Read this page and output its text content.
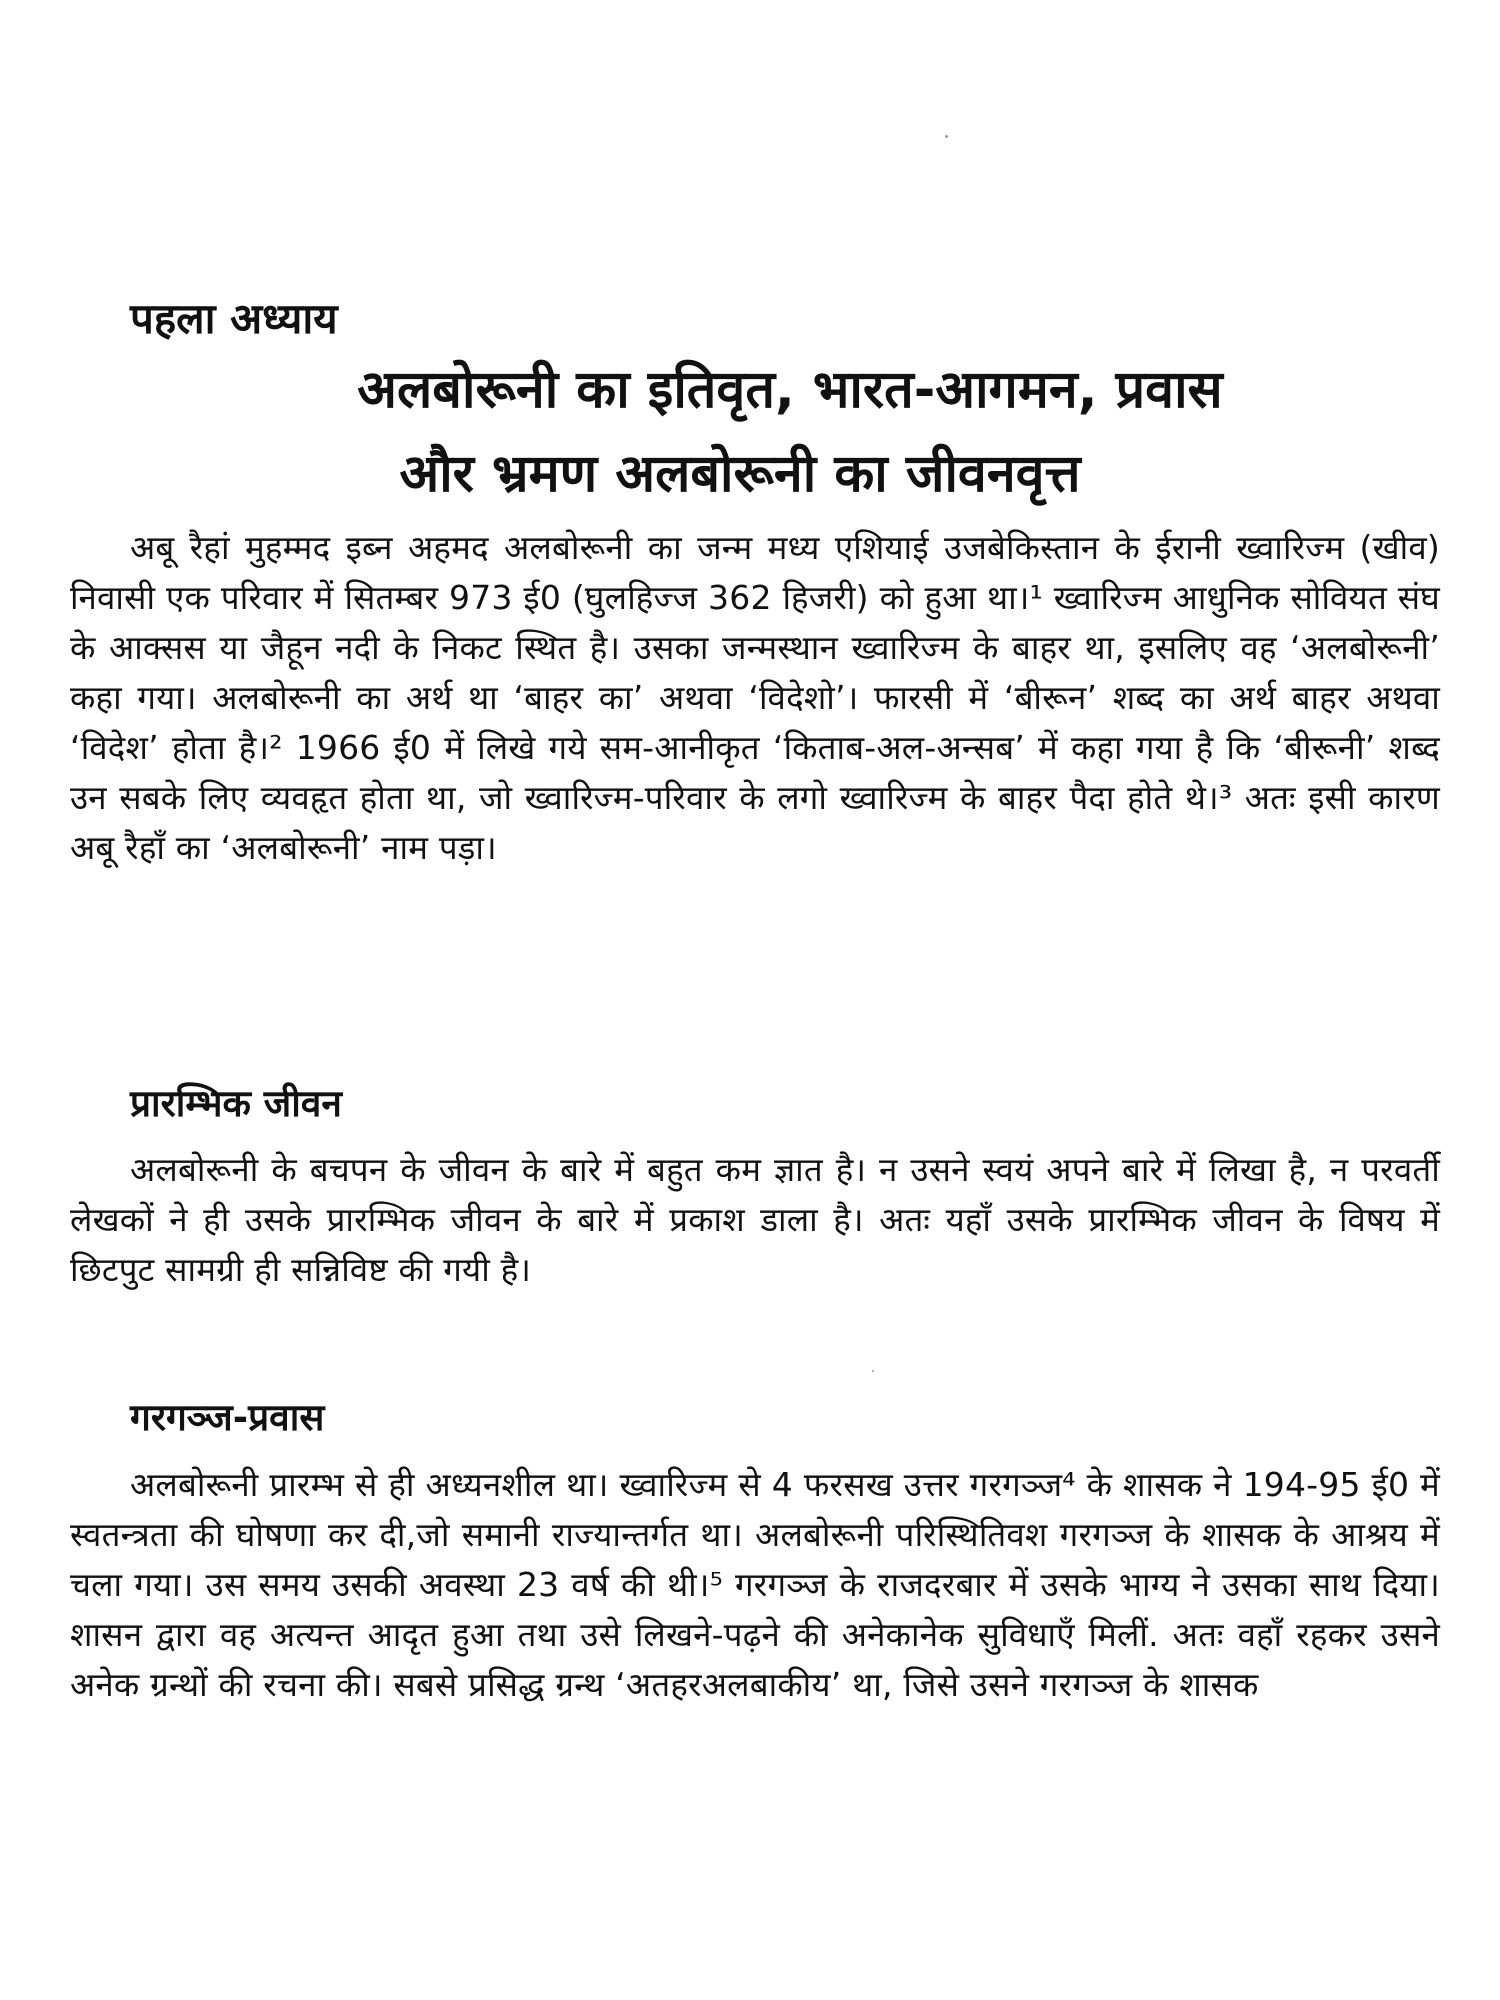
पहला अध्याय
अलबोरूनी का इतिवृत, भारत-आगमन, प्रवास
और भ्रमण अलबोरूनी का जीवनवृत्त

अबू रैहां मुहम्मद इब्न अहमद अलबोरूनी का जन्म मध्य एशियाई उजबेकिस्तान के ईरानी ख्वारिज्म (खीव) निवासी एक परिवार में सितम्बर 973 ई0 (घुलहिज्ज 362 हिजरी) को हुआ था।¹ ख्वारिज्म आधुनिक सोवियत संघ के आक्सस या जैहून नदी के निकट स्थित है। उसका जन्मस्थान ख्वारिज्म के बाहर था, इसलिए वह ‘अलबोरूनी’ कहा गया। अलबोरूनी का अर्थ था ‘बाहर का’ अथवा ‘विदेशो’। फारसी में ‘बीरून’ शब्द का अर्थ बाहर अथवा ‘विदेश’ होता है।² 1966 ई0 में लिखे गये सम-आनीकृत ‘किताब-अल-अन्सब’ में कहा गया है कि ‘बीरूनी’ शब्द उन सबके लिए व्यवहृत होता था, जो ख्वारिज्म-परिवार के लगो ख्वारिज्म के बाहर पैदा होते थे।³ अतः इसी कारण अबू रैहाँ का ‘अलबोरूनी’ नाम पड़ा।

प्रारम्भिक जीवन

अलबोरूनी के बचपन के जीवन के बारे में बहुत कम ज्ञात है। न उसने स्वयं अपने बारे में लिखा है, न परवर्ती लेखकों ने ही उसके प्रारम्भिक जीवन के बारे में प्रकाश डाला है। अतः यहाँ उसके प्रारम्भिक जीवन के विषय में छिटपुट सामग्री ही सन्निविष्ट की गयी है।

गरगञ्ज-प्रवास

अलबोरूनी प्रारम्भ से ही अध्यनशील था। ख्वारिज्म से 4 फरसख उत्तर गरगञ्ज⁴ के शासक ने 194-95 ई0 में स्वतन्त्रता की घोषणा कर दी,जो समानी राज्यान्तर्गत था। अलबोरूनी परिस्थितिवश गरगञ्ज के शासक के आश्रय में चला गया। उस समय उसकी अवस्था 23 वर्ष की थी।⁵ गरगञ्ज के राजदरबार में उसके भाग्य ने उसका साथ दिया। शासन द्वारा वह अत्यन्त आदृत हुआ तथा उसे लिखने-पढ़ने की अनेकानेक सुविधाएँ मिलीं. अतः वहाँ रहकर उसने अनेक ग्रन्थों की रचना की। सबसे प्रसिद्ध ग्रन्थ ‘अतहरअलबाकीय’ था, जिसे उसने गरगञ्ज के शासक
